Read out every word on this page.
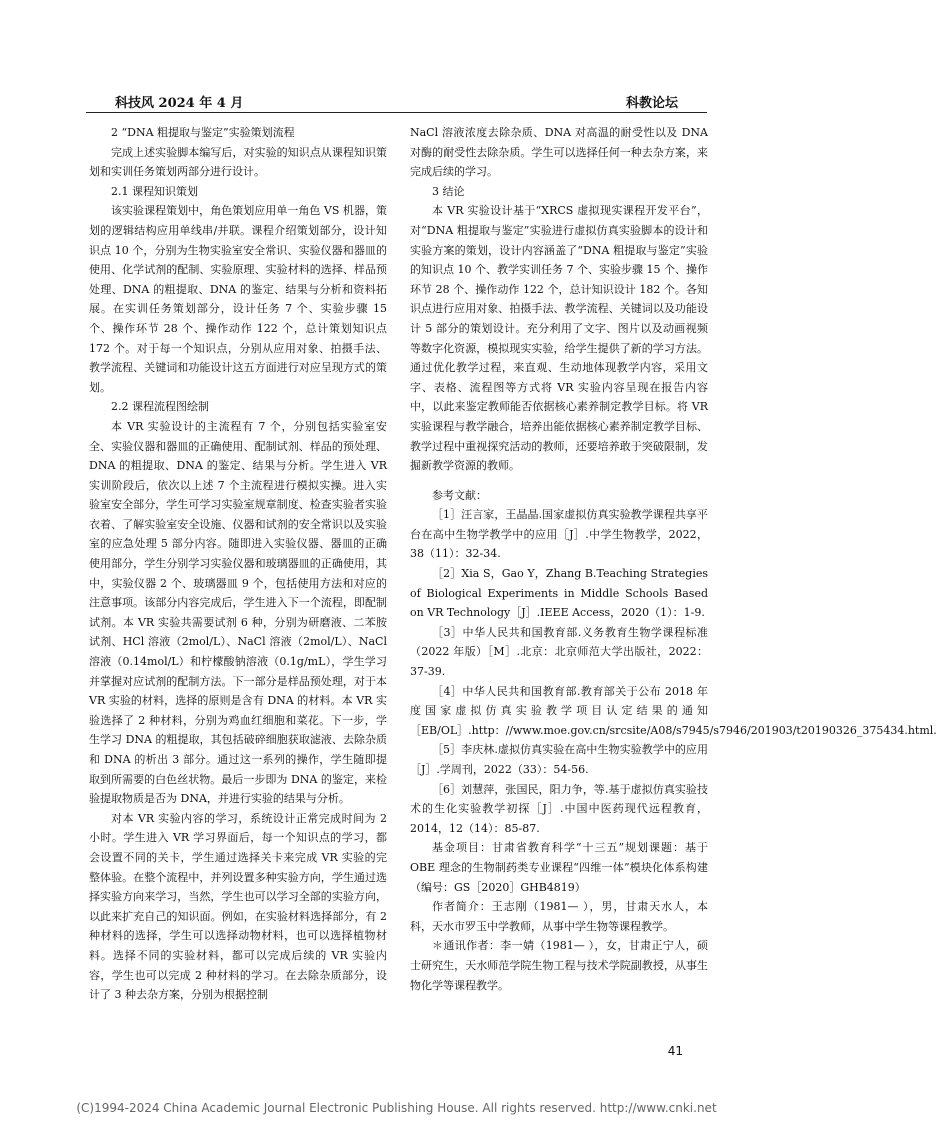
科技风 2024 年 4 月	科教论坛

2 “DNA 粗提取与鉴定”实验策划流程

完成上述实验脚本编写后，对实验的知识点从课程知识策划和实训任务策划两部分进行设计。

2.1 课程知识策划

该实验课程策划中，角色策划应用单一角色 VS 机器，策划的逻辑结构应用单线串/并联。课程介绍策划部分，设计知识点 10 个，分别为生物实验室安全常识、实验仪器和器皿的使用、化学试剂的配制、实验原理、实验材料的选择、样品预处理、DNA 的粗提取、DNA 的鉴定、结果与分析和资料拓展。在实训任务策划部分，设计任务 7 个、实验步骤 15 个、操作环节 28 个、操作动作 122 个，总计策划知识点 172 个。对于每一个知识点，分别从应用对象、拍摄手法、教学流程、关键词和功能设计这五方面进行对应呈现方式的策划。

2.2 课程流程图绘制

本 VR 实验设计的主流程有 7 个，分别包括实验室安全、实验仪器和器皿的正确使用、配制试剂、样品的预处理、DNA 的粗提取、DNA 的鉴定、结果与分析。学生进入 VR 实训阶段后，依次以上述 7 个主流程进行模拟实操。进入实验室安全部分，学生可学习实验室规章制度、检查实验者实验衣着、了解实验室安全设施、仪器和试剂的安全常识以及实验室的应急处理 5 部分内容。随即进入实验仪器、器皿的正确使用部分，学生分别学习实验仪器和玻璃器皿的正确使用，其中，实验仪器 2 个、玻璃器皿 9 个，包括使用方法和对应的注意事项。该部分内容完成后，学生进入下一个流程，即配制试剂。本 VR 实验共需要试剂 6 种，分别为研磨液、二苯胺试剂、HCl 溶液（2mol/L）、NaCl 溶液（2mol/L）、NaCl 溶液（0.14mol/L）和柠檬酸钠溶液（0.1g/mL），学生学习并掌握对应试剂的配制方法。下一部分是样品预处理，对于本 VR 实验的材料，选择的原则是含有 DNA 的材料。本 VR 实验选择了 2 种材料，分别为鸡血红细胞和菜花。下一步，学生学习 DNA 的粗提取，其包括破碎细胞获取滤液、去除杂质和 DNA 的析出 3 部分。通过这一系列的操作，学生随即提取到所需要的白色丝状物。最后一步即为 DNA 的鉴定，来检验提取物质是否为 DNA，并进行实验的结果与分析。

对本 VR 实验内容的学习，系统设计正常完成时间为 2 小时。学生进入 VR 学习界面后，每一个知识点的学习，都会设置不同的关卡，学生通过选择关卡来完成 VR 实验的完整体验。在整个流程中，并列设置多种实验方向，学生通过选择实验方向来学习，当然，学生也可以学习全部的实验方向，以此来扩充自己的知识面。例如，在实验材料选择部分，有 2 种材料的选择，学生可以选择动物材料，也可以选择植物材料。选择不同的实验材料，都可以完成后续的 VR 实验内容，学生也可以完成 2 种材料的学习。在去除杂质部分，设计了 3 种去杂方案，分别为根据控制

NaCl 溶液浓度去除杂质、DNA 对高温的耐受性以及 DNA 对酶的耐受性去除杂质。学生可以选择任何一种去杂方案，来完成后续的学习。

3 结论

本 VR 实验设计基于“XRCS 虚拟现实课程开发平台”，对“DNA 粗提取与鉴定”实验进行虚拟仿真实验脚本的设计和实验方案的策划，设计内容涵盖了“DNA 粗提取与鉴定”实验的知识点 10 个、教学实训任务 7 个、实验步骤 15 个、操作环节 28 个、操作动作 122 个，总计知识设计 182 个。各知识点进行应用对象、拍摄手法、教学流程、关键词以及功能设计 5 部分的策划设计。充分利用了文字、图片以及动画视频等数字化资源，模拟现实实验，给学生提供了新的学习方法。通过优化教学过程，来直观、生动地体现教学内容，采用文字、表格、流程图等方式将 VR 实验内容呈现在报告内容中，以此来鉴定教师能否依据核心素养制定教学目标。将 VR 实验课程与教学融合，培养出能依据核心素养制定教学目标、教学过程中重视探究活动的教师，还要培养敢于突破限制，发掘新教学资源的教师。

参考文献：

［1］汪言家，王晶晶.国家虚拟仿真实验教学课程共享平台在高中生物学教学中的应用［J］.中学生物教学，2022，38（11）：32-34.

［2］Xia S，Gao Y，Zhang B.Teaching Strategies of Biological Experiments in Middle Schools Based on VR Technology［J］.IEEE Access，2020（1）：1-9.

［3］中华人民共和国教育部.义务教育生物学课程标准（2022 年版）［M］.北京：北京师范大学出版社，2022：37-39.

［4］中华人民共和国教育部.教育部关于公布 2018 年度国家虚拟仿真实验教学项目认定结果的通知［EB/OL］.http：//www.moe.gov.cn/srcsite/A08/s7945/s7946/201903/t20190326_375434.html.

［5］李庆林.虚拟仿真实验在高中生物实验教学中的应用［J］.学周刊，2022（33）：54-56.

［6］刘慧萍，张国民，阳力争，等.基于虚拟仿真实验技术的生化实验教学初探［J］.中国中医药现代远程教育，2014，12（14）：85-87.

基金项目：甘肃省教育科学“十三五”规划课题：基于 OBE 理念的生物制药类专业课程“四维一体”模块化体系构建（编号：GS［2020］GHB4819）

作者简介：王志刚（1981— ），男，甘肃天水人，本科，天水市罗玉中学教师，从事中学生物等课程教学。

＊通讯作者：李一婧（1981— ），女，甘肃正宁人，硕士研究生，天水师范学院生物工程与技术学院副教授，从事生物化学等课程教学。

41
(C)1994-2024 China Academic Journal Electronic Publishing House. All rights reserved. http://www.cnki.net
